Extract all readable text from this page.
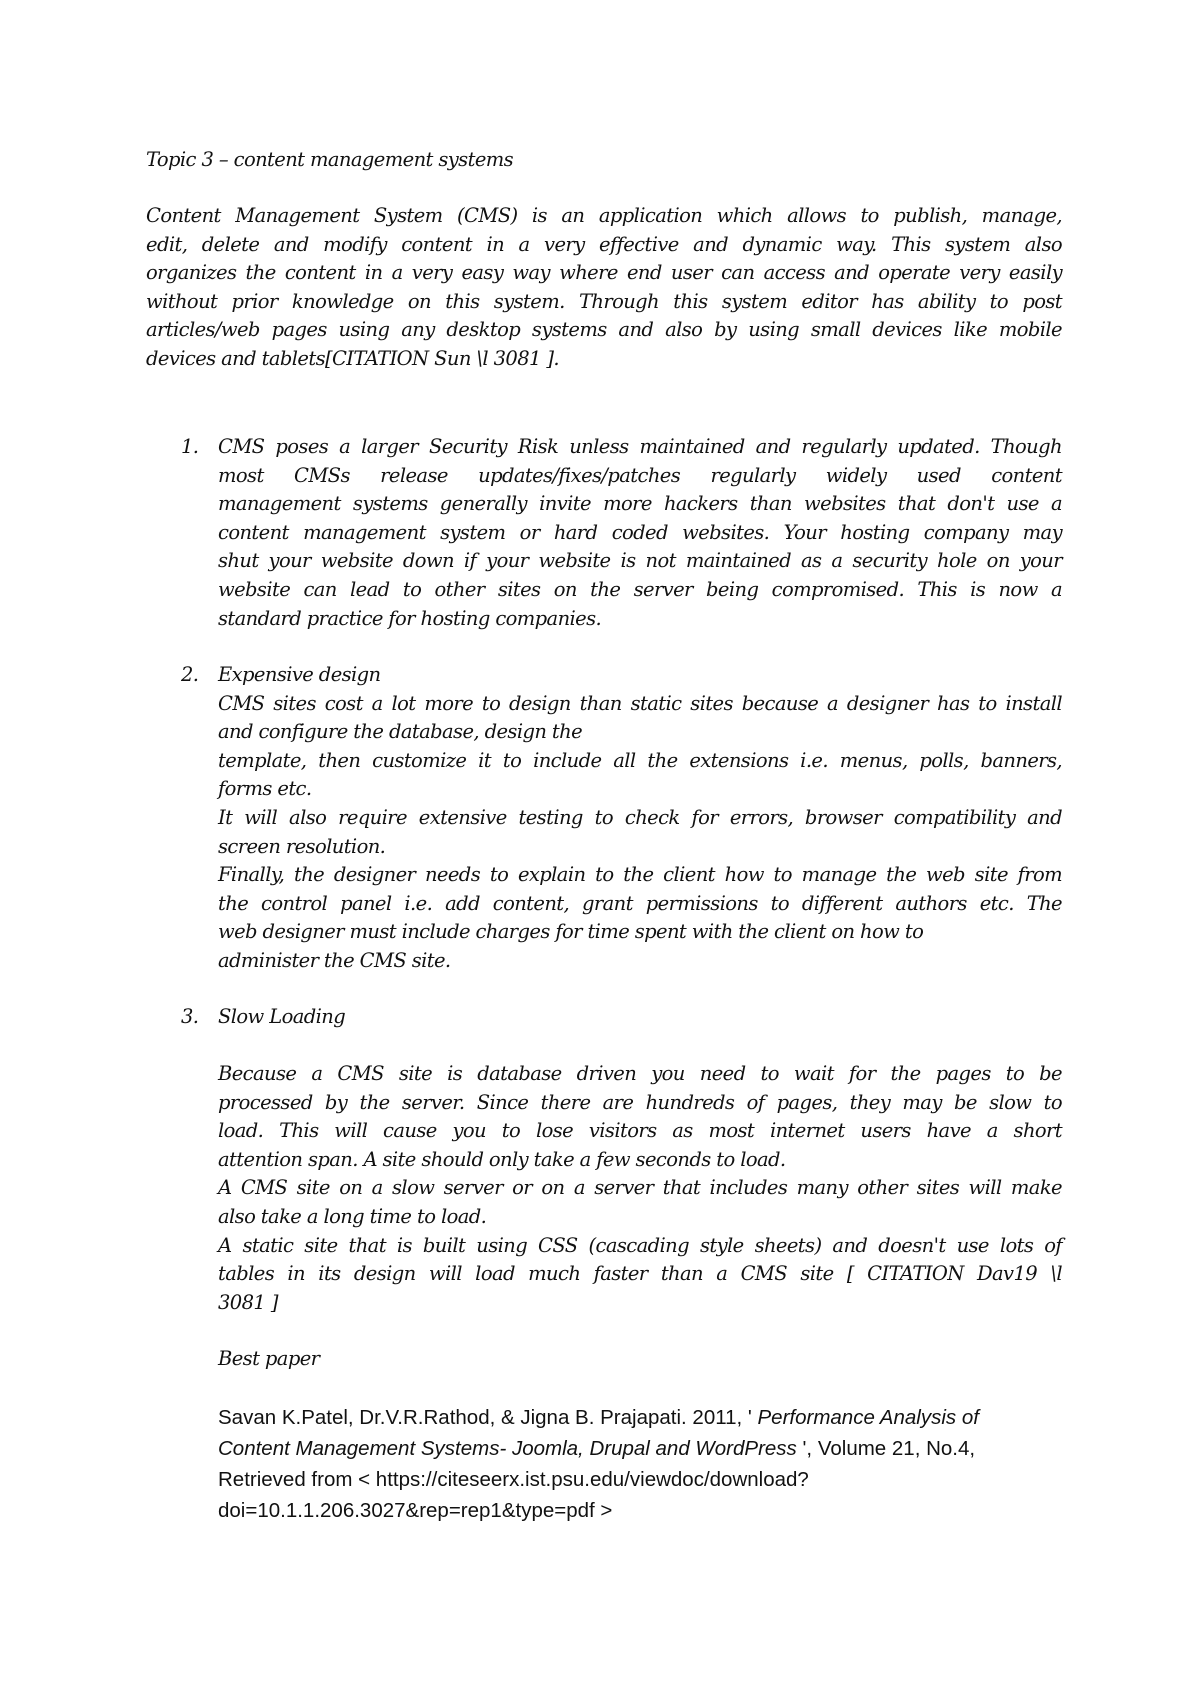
Topic 3 – content management systems
Content Management System (CMS) is an application which allows to publish, manage,
edit, delete and modify content in a very effective and dynamic way. This system also
organizes the content in a very easy way where end user can access and operate very easily
without prior knowledge on this system. Through this system editor has ability to post
articles/web pages using any desktop systems and also by using small devices like mobile
devices and tablets[CITATION Sun \l 3081 ].
1. CMS poses a larger Security Risk unless maintained and regularly updated. Though
most CMSs release updates/fixes/patches regularly widely used content
management systems generally invite more hackers than websites that don't use a
content management system or hard coded websites. Your hosting company may
shut your website down if your website is not maintained as a security hole on your
website can lead to other sites on the server being compromised. This is now a
standard practice for hosting companies.
2. Expensive design
CMS sites cost a lot more to design than static sites because a designer has to install
and configure the database, design the
template, then customize it to include all the extensions i.e. menus, polls, banners,
forms etc.
It will also require extensive testing to check for errors, browser compatibility and
screen resolution.
Finally, the designer needs to explain to the client how to manage the web site from
the control panel i.e. add content, grant permissions to different authors etc. The
web designer must include charges for time spent with the client on how to
administer the CMS site.
3. Slow Loading
Because a CMS site is database driven you need to wait for the pages to be
processed by the server. Since there are hundreds of pages, they may be slow to
load. This will cause you to lose visitors as most internet users have a short
attention span. A site should only take a few seconds to load.
A CMS site on a slow server or on a server that includes many other sites will make
also take a long time to load.
A static site that is built using CSS (cascading style sheets) and doesn't use lots of
tables in its design will load much faster than a CMS site [ CITATION Dav19 \l
3081 ]
Best paper
Savan K.Patel, Dr.V.R.Rathod, & Jigna B. Prajapati. 2011, ' Performance Analysis of
Content Management Systems- Joomla, Drupal and WordPress ', Volume 21, No.4,
Retrieved from < https://citeseerx.ist.psu.edu/viewdoc/download?
doi=10.1.1.206.3027&rep=rep1&type=pdf >
